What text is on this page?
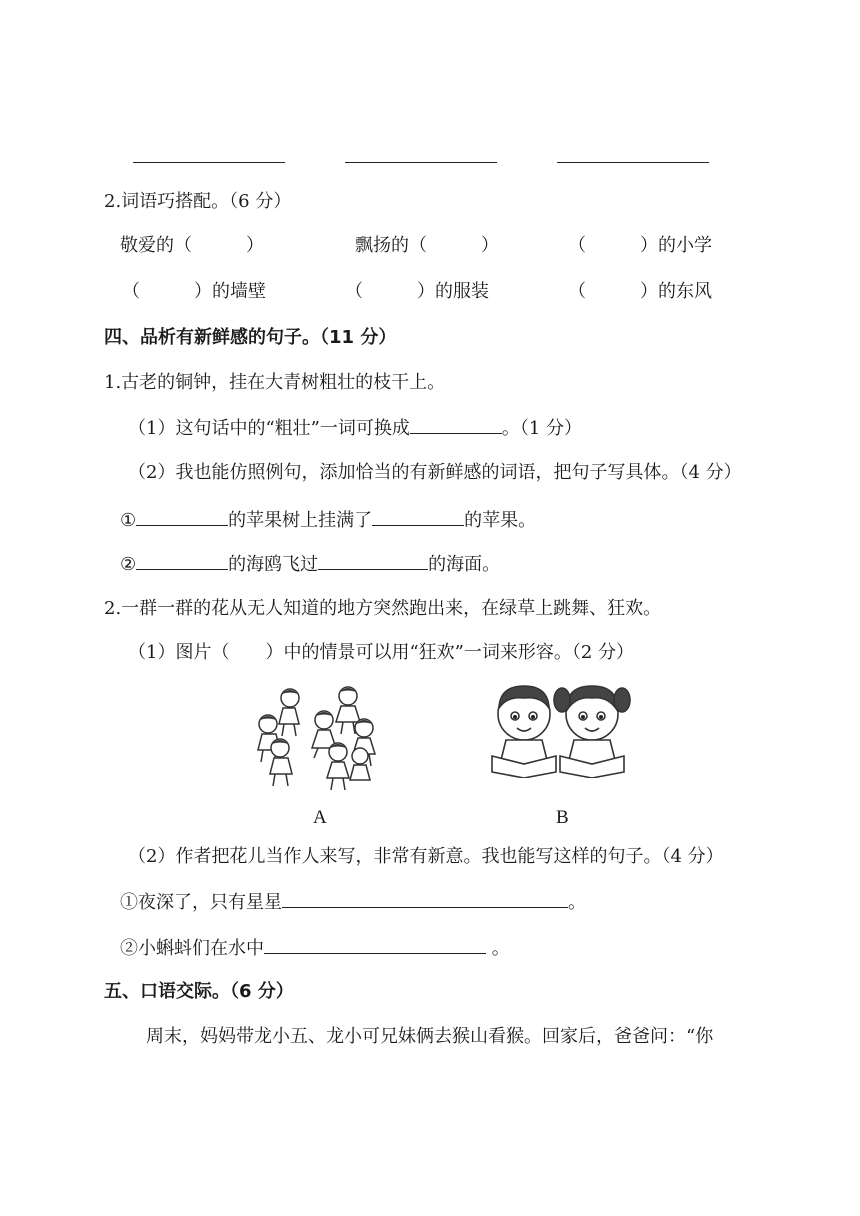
2.词语巧搭配。（6 分）
敬爱的（　　　）	飘扬的（　　　）	（　　　）的小学
（　　　）的墙壁	（　　　）的服装	（　　　）的东风
四、品析有新鲜感的句子。（11 分）
1.古老的铜钟，挂在大青树粗壮的枝干上。
（1）这句话中的“粗壮”一词可换成	。（1 分）
（2）我也能仿照例句，添加恰当的有新鲜感的词语，把句子写具体。（4 分）
①	的苹果树上挂满了	的苹果。
②	的海鸥飞过	的海面。
2.一群一群的花从无人知道的地方突然跑出来，在绿草上跳舞、狂欢。
（1）图片（　　）中的情景可以用“狂欢”一词来形容。（2 分）
A	B
（2）作者把花儿当作人来写，非常有新意。我也能写这样的句子。（4 分）
①夜深了，只有星星	。
②小蝌蚪们在水中	。
五、口语交际。（6 分）
周末，妈妈带龙小五、龙小可兄妹俩去猴山看猴。回家后，爸爸问：“你
